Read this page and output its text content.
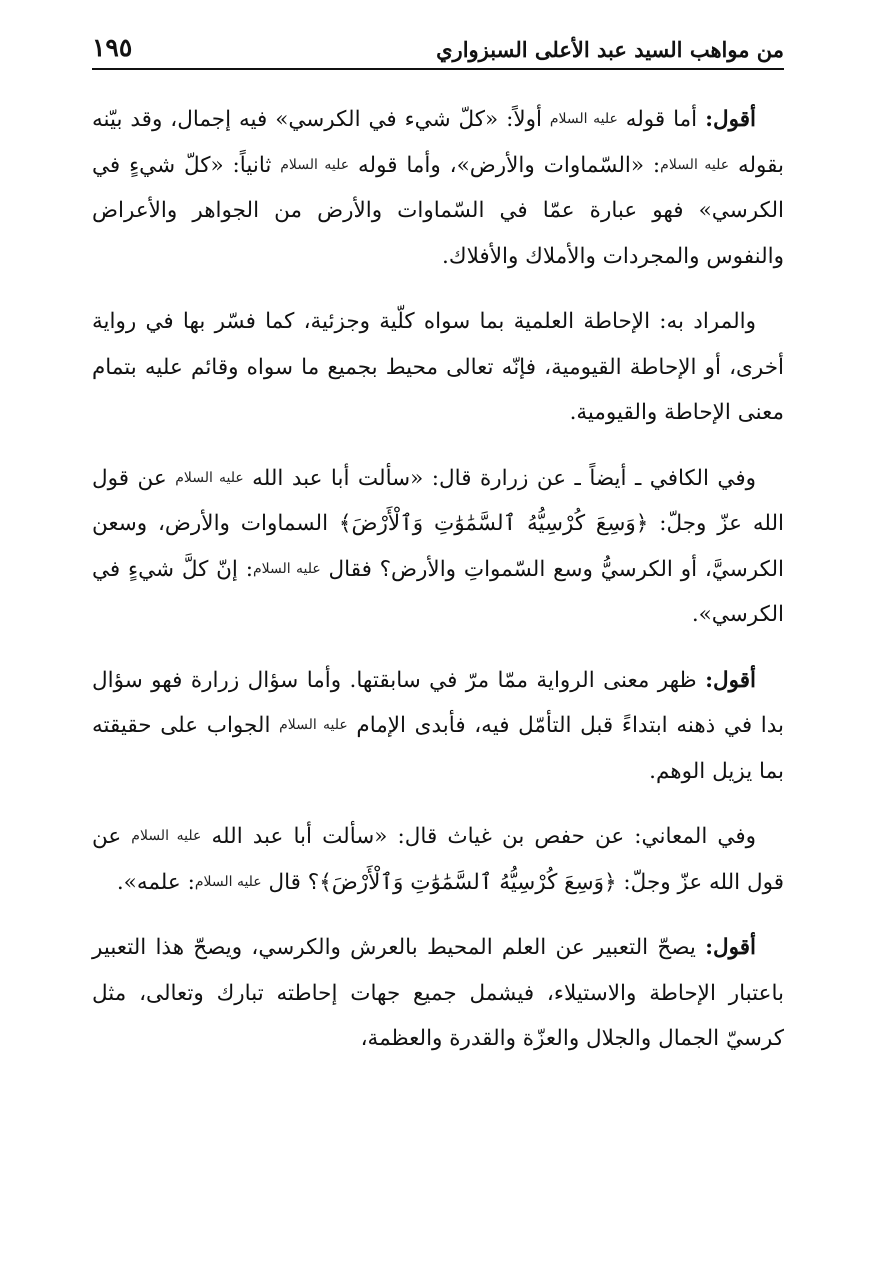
١٩٥	من مواهب السيد عبد الأعلى السبزواري

أقول: أما قوله عليه السلام أولاً: «كلّ شيء في الكرسي» فيه إجمال، وقد بيّنه بقوله عليه السلام: «السّماوات والأرض»، وأما قوله عليه السلام ثانياً: «كلّ شيءٍ في الكرسي» فهو عبارة عمّا في السّماوات والأرض من الجواهر والأعراض والنفوس والمجردات والأملاك والأفلاك.

والمراد به: الإحاطة العلمية بما سواه كلّية وجزئية، كما فسّر بها في رواية أخرى، أو الإحاطة القيومية، فإنّه تعالى محيط بجميع ما سواه وقائم عليه بتمام معنى الإحاطة والقيومية.

وفي الكافي ـ أيضاً ـ عن زرارة قال: «سألت أبا عبد الله عليه السلام عن قول الله عزّ وجلّ: ﴿وَسِعَ كُرْسِيُّهُ ٱلسَّمَٰوَٰتِ وَٱلْأَرْضَ﴾ السماوات والأرض، وسعن الكرسيَّ، أو الكرسيُّ وسع السّمواتِ والأرض؟ فقال عليه السلام: إنّ كلَّ شيءٍ في الكرسي».

أقول: ظهر معنى الرواية ممّا مرّ في سابقتها. وأما سؤال زرارة فهو سؤال بدا في ذهنه ابتداءً قبل التأمّل فيه، فأبدى الإمام عليه السلام الجواب على حقيقته بما يزيل الوهم.

وفي المعاني: عن حفص بن غياث قال: «سألت أبا عبد الله عليه السلام عن قول الله عزّ وجلّ: ﴿وَسِعَ كُرْسِيُّهُ ٱلسَّمَٰوَٰتِ وَٱلْأَرْضَ﴾؟ قال عليه السلام: علمه».

أقول: يصحّ التعبير عن العلم المحيط بالعرش والكرسي، ويصحّ هذا التعبير باعتبار الإحاطة والاستيلاء، فيشمل جميع جهات إحاطته تبارك وتعالى، مثل كرسيّ الجمال والجلال والعزّة والقدرة والعظمة،
